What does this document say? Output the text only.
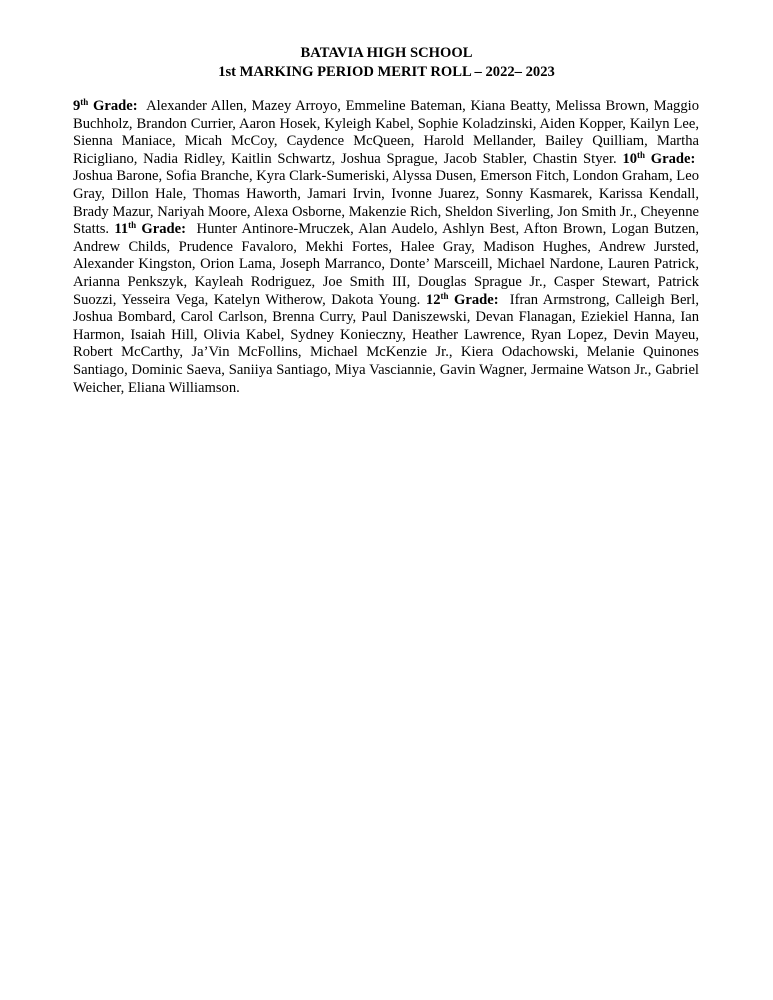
BATAVIA HIGH SCHOOL
1st MARKING PERIOD MERIT ROLL – 2022– 2023
9th Grade: Alexander Allen, Mazey Arroyo, Emmeline Bateman, Kiana Beatty, Melissa Brown, Maggio Buchholz, Brandon Currier, Aaron Hosek, Kyleigh Kabel, Sophie Koladzinski, Aiden Kopper, Kailyn Lee, Sienna Maniace, Micah McCoy, Caydence McQueen, Harold Mellander, Bailey Quilliam, Martha Ricigliano, Nadia Ridley, Kaitlin Schwartz, Joshua Sprague, Jacob Stabler, Chastin Styer. 10th Grade:  Joshua Barone, Sofia Branche, Kyra Clark-Sumeriski, Alyssa Dusen, Emerson Fitch, London Graham, Leo Gray, Dillon Hale, Thomas Haworth, Jamari Irvin, Ivonne Juarez, Sonny Kasmarek, Karissa Kendall, Brady Mazur, Nariyah Moore, Alexa Osborne, Makenzie Rich, Sheldon Siverling, Jon Smith Jr., Cheyenne Statts. 11th Grade: Hunter Antinore-Mruczek, Alan Audelo, Ashlyn Best, Afton Brown, Logan Butzen, Andrew Childs, Prudence Favaloro, Mekhi Fortes, Halee Gray, Madison Hughes, Andrew Jursted, Alexander Kingston, Orion Lama, Joseph Marranco, Donte’ Marsceill, Michael Nardone, Lauren Patrick, Arianna Penkszyk, Kayleah Rodriguez, Joe Smith III, Douglas Sprague Jr., Casper Stewart, Patrick Suozzi, Yesseira Vega, Katelyn Witherow, Dakota Young. 12th Grade: Ifran Armstrong, Calleigh Berl, Joshua Bombard, Carol Carlson, Brenna Curry, Paul Daniszewski, Devan Flanagan, Eziekiel Hanna, Ian Harmon, Isaiah Hill, Olivia Kabel, Sydney Konieczny, Heather Lawrence, Ryan Lopez, Devin Mayeu, Robert McCarthy, Ja’Vin McFollins, Michael McKenzie Jr., Kiera Odachowski, Melanie Quinones Santiago, Dominic Saeva, Saniiya Santiago, Miya Vasciannie, Gavin Wagner, Jermaine Watson Jr., Gabriel Weicher, Eliana Williamson.
